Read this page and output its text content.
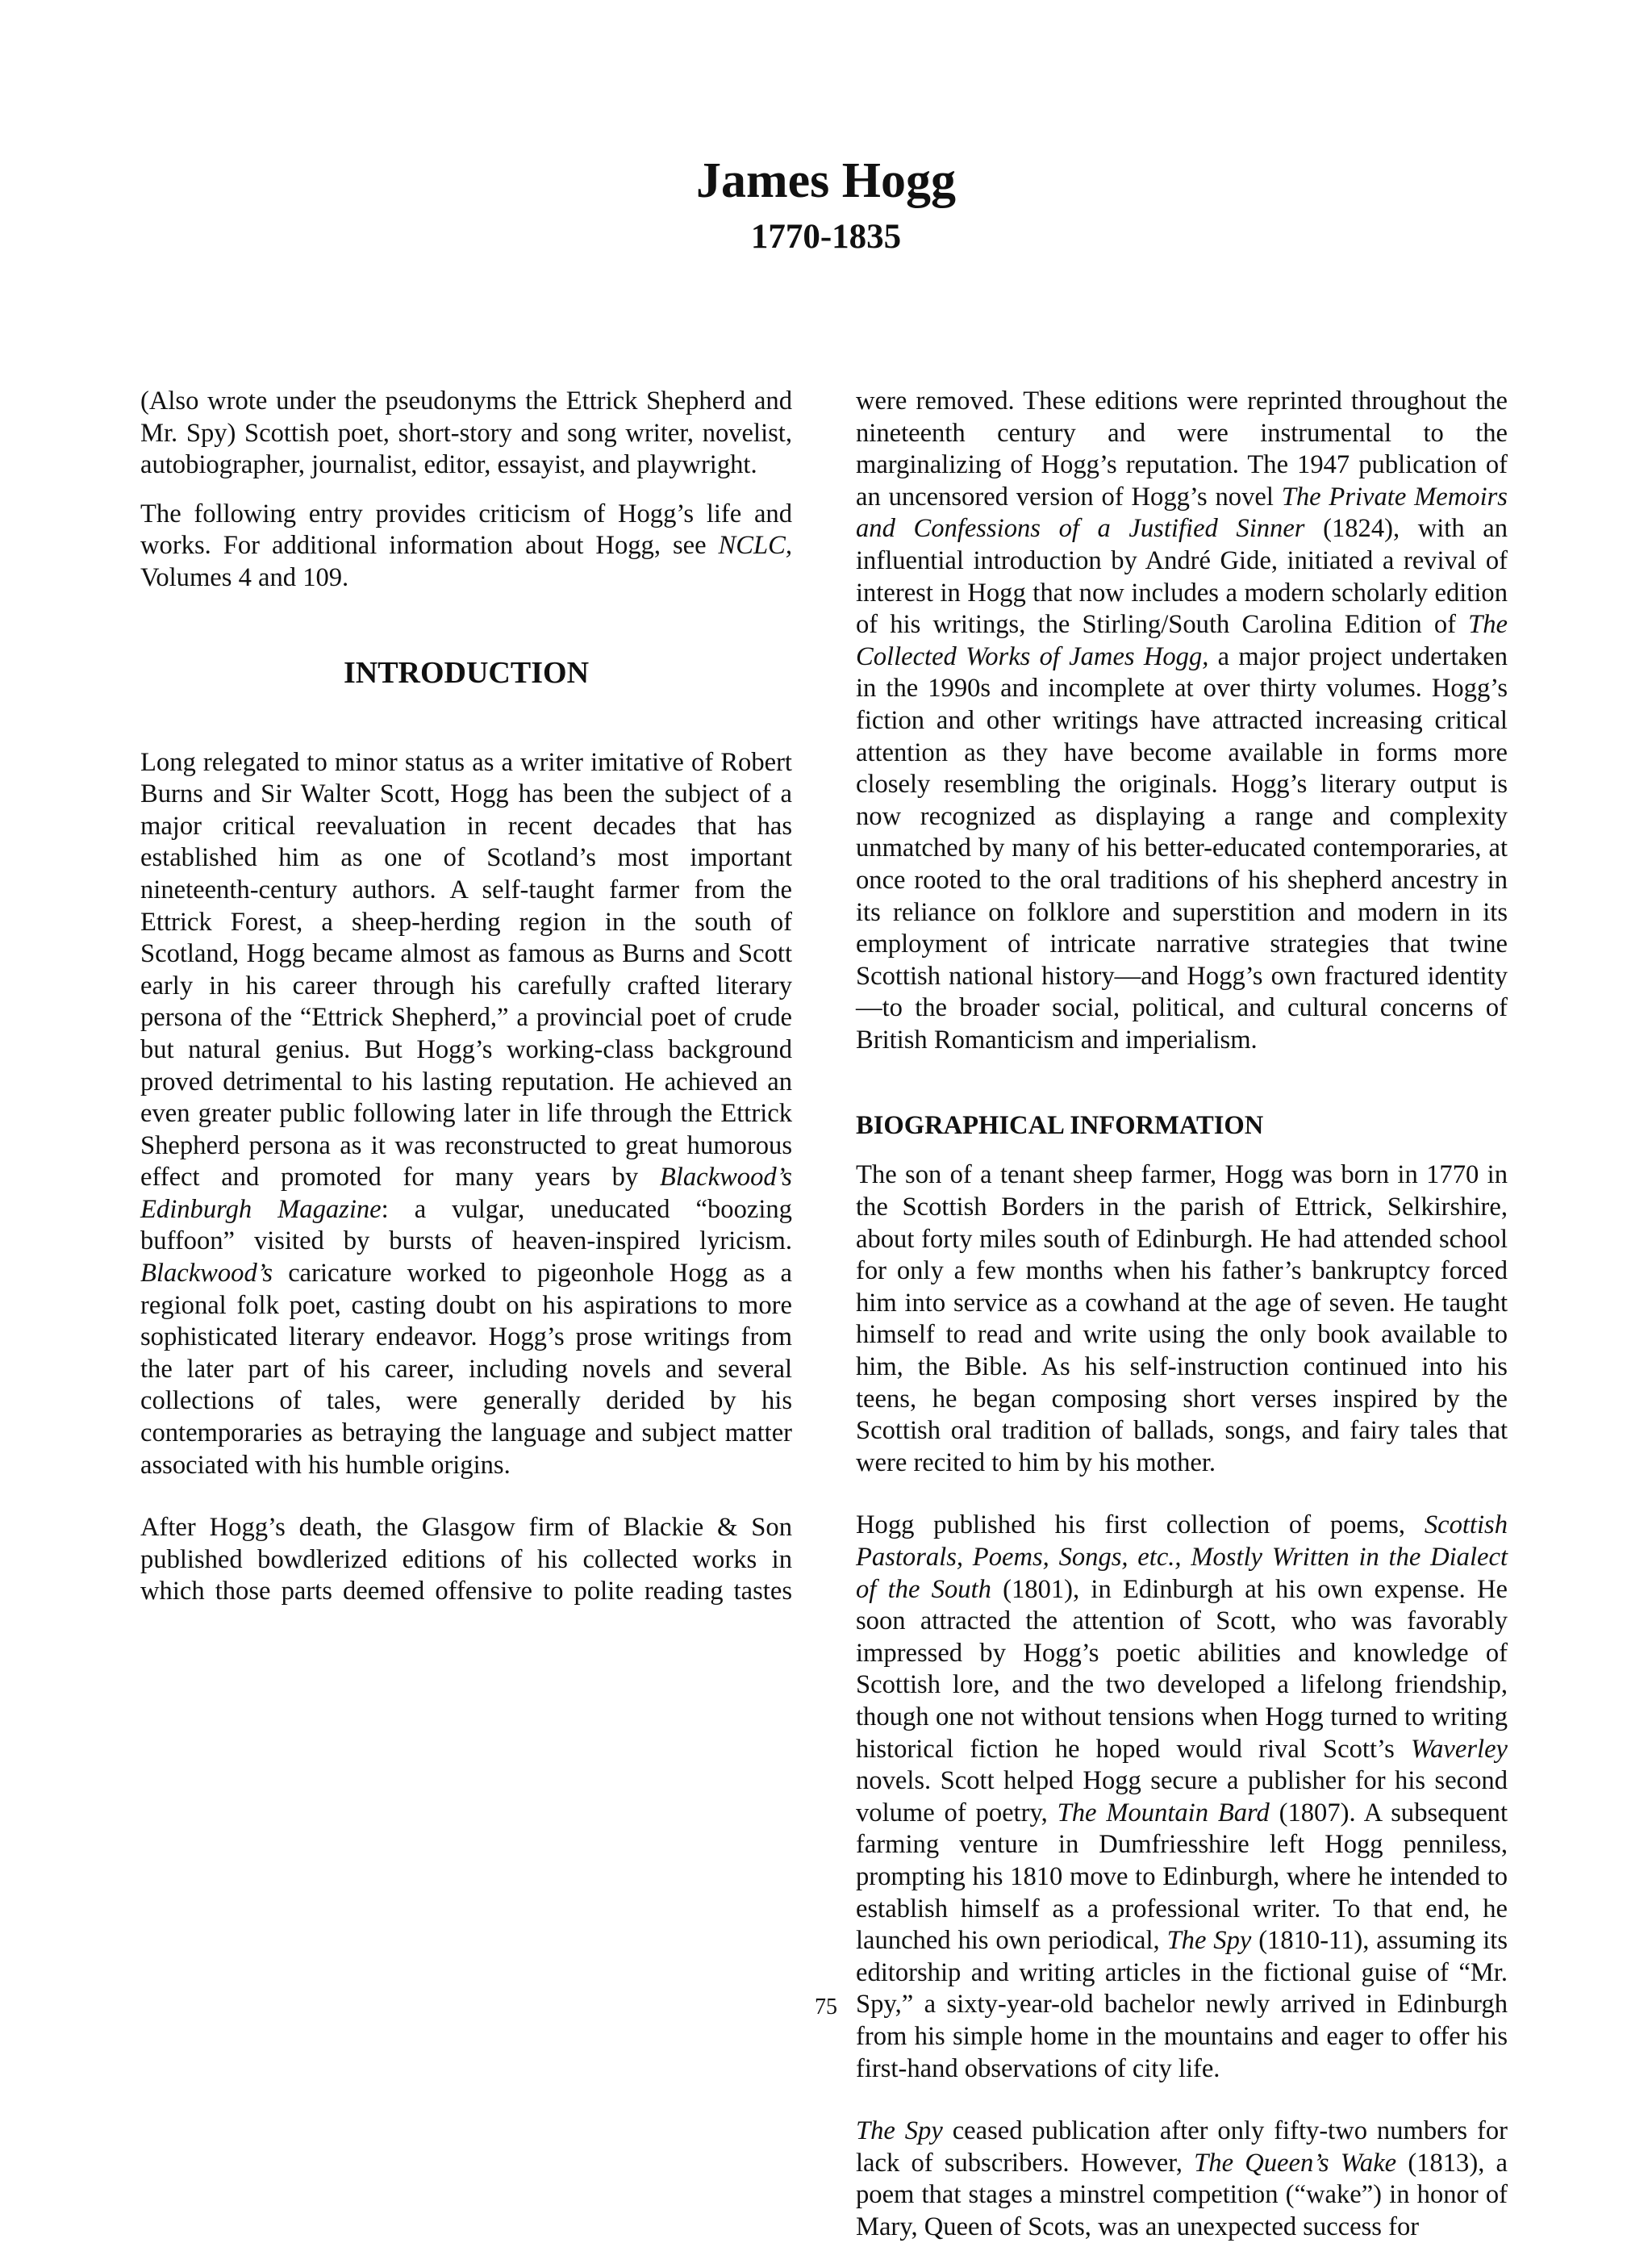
James Hogg
1770-1835

(Also wrote under the pseudonyms the Ettrick Shepherd and Mr. Spy) Scottish poet, short-story and song writer, novelist, autobiographer, journalist, editor, essayist, and playwright.

The following entry provides criticism of Hogg’s life and works. For additional information about Hogg, see NCLC, Volumes 4 and 109.

INTRODUCTION

Long relegated to minor status as a writer imitative of Robert Burns and Sir Walter Scott, Hogg has been the subject of a major critical reevaluation in recent decades that has established him as one of Scotland’s most important nineteenth-century authors. A self-taught farmer from the Ettrick Forest, a sheep-herding region in the south of Scotland, Hogg became almost as famous as Burns and Scott early in his career through his carefully crafted literary persona of the “Ettrick Shepherd,” a provincial poet of crude but natural genius. But Hogg’s working-class background proved detrimental to his lasting reputation. He achieved an even greater public following later in life through the Ettrick Shepherd persona as it was reconstructed to great humorous effect and promoted for many years by Blackwood’s Edinburgh Magazine: a vulgar, uneducated “boozing buffoon” visited by bursts of heaven-inspired lyricism. Blackwood’s caricature worked to pigeonhole Hogg as a regional folk poet, casting doubt on his aspirations to more sophisticated literary endeavor. Hogg’s prose writings from the later part of his career, including novels and several collections of tales, were generally derided by his contemporaries as betraying the language and subject matter associated with his humble origins.

After Hogg’s death, the Glasgow firm of Blackie & Son published bowdlerized editions of his collected works in which those parts deemed offensive to polite reading tastes

were removed. These editions were reprinted throughout the nineteenth century and were instrumental to the marginalizing of Hogg’s reputation. The 1947 publication of an uncensored version of Hogg’s novel The Private Memoirs and Confessions of a Justified Sinner (1824), with an influential introduction by André Gide, initiated a revival of interest in Hogg that now includes a modern scholarly edition of his writings, the Stirling/South Carolina Edition of The Collected Works of James Hogg, a major project undertaken in the 1990s and incomplete at over thirty volumes. Hogg’s fiction and other writings have attracted increasing critical attention as they have become available in forms more closely resembling the originals. Hogg’s literary output is now recognized as displaying a range and complexity unmatched by many of his better-educated contemporaries, at once rooted to the oral traditions of his shepherd ancestry in its reliance on folklore and superstition and modern in its employment of intricate narrative strategies that twine Scottish national history—and Hogg’s own fractured identity—to the broader social, political, and cultural concerns of British Romanticism and imperialism.

BIOGRAPHICAL INFORMATION

The son of a tenant sheep farmer, Hogg was born in 1770 in the Scottish Borders in the parish of Ettrick, Selkirshire, about forty miles south of Edinburgh. He had attended school for only a few months when his father’s bankruptcy forced him into service as a cowhand at the age of seven. He taught himself to read and write using the only book available to him, the Bible. As his self-instruction continued into his teens, he began composing short verses inspired by the Scottish oral tradition of ballads, songs, and fairy tales that were recited to him by his mother.

Hogg published his first collection of poems, Scottish Pastorals, Poems, Songs, etc., Mostly Written in the Dialect of the South (1801), in Edinburgh at his own expense. He soon attracted the attention of Scott, who was favorably impressed by Hogg’s poetic abilities and knowledge of Scottish lore, and the two developed a lifelong friendship, though one not without tensions when Hogg turned to writing historical fiction he hoped would rival Scott’s Waverley novels. Scott helped Hogg secure a publisher for his second volume of poetry, The Mountain Bard (1807). A subsequent farming venture in Dumfriesshire left Hogg penniless, prompting his 1810 move to Edinburgh, where he intended to establish himself as a professional writer. To that end, he launched his own periodical, The Spy (1810-11), assuming its editorship and writing articles in the fictional guise of “Mr. Spy,” a sixty-year-old bachelor newly arrived in Edinburgh from his simple home in the mountains and eager to offer his first-hand observations of city life.

The Spy ceased publication after only fifty-two numbers for lack of subscribers. However, The Queen’s Wake (1813), a poem that stages a minstrel competition (“wake”) in honor of Mary, Queen of Scots, was an unexpected success for

75
